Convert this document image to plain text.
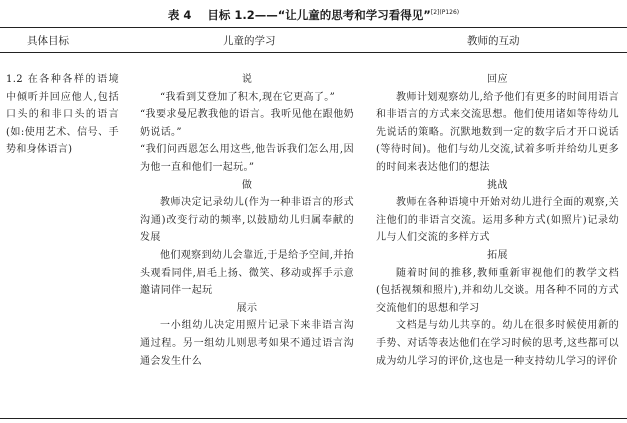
表 4 目标 1.2——“让儿童的思考和学习看得见”$^{[2](P126)}$
具体目标	儿童的学习	教师的互动

1.2 在各种各样的语境中倾听并回应他人,包括口头的和非口头的语言(如:使用艺术、信号、手势和身体语言)

说

“我看到艾登加了积木,现在它更高了。”

“我要求曼尼教我他的语言。我听见他在跟他奶奶说话。”

“我们问西恩怎么用这些,他告诉我们怎么用,因为他一直和他们一起玩。”

做

教师决定记录幼儿(作为一种非语言的形式沟通)改变行动的频率,以鼓励幼儿归属奉献的发展

他们观察到幼儿会靠近,于是给予空间,并抬头观看同伴,眉毛上扬、微笑、移动或挥手示意邀请同伴一起玩

展示

一小组幼儿决定用照片记录下来非语言沟通过程。另一组幼儿则思考如果不通过语言沟通会发生什么

回应

教师计划观察幼儿,给予他们有更多的时间用语言和非语言的方式来交流思想。他们使用诸如等待幼儿先说话的策略。沉默地数到一定的数字后才开口说话(等待时间)。他们与幼儿交流,试着多听并给幼儿更多的时间来表达他们的想法

挑战

教师在各种语境中开始对幼儿进行全面的观察,关注他们的非语言交流。运用多种方式(如照片)记录幼儿与人们交流的多样方式

拓展

随着时间的推移,教师重新审视他们的教学文档(包括视频和照片),并和幼儿交谈。用各种不同的方式交流他们的思想和学习

文档是与幼儿共享的。幼儿在很多时候使用新的手势、对话等表达他们在学习时候的思考,这些都可以成为幼儿学习的评价,这也是一种支持幼儿学习的评价
